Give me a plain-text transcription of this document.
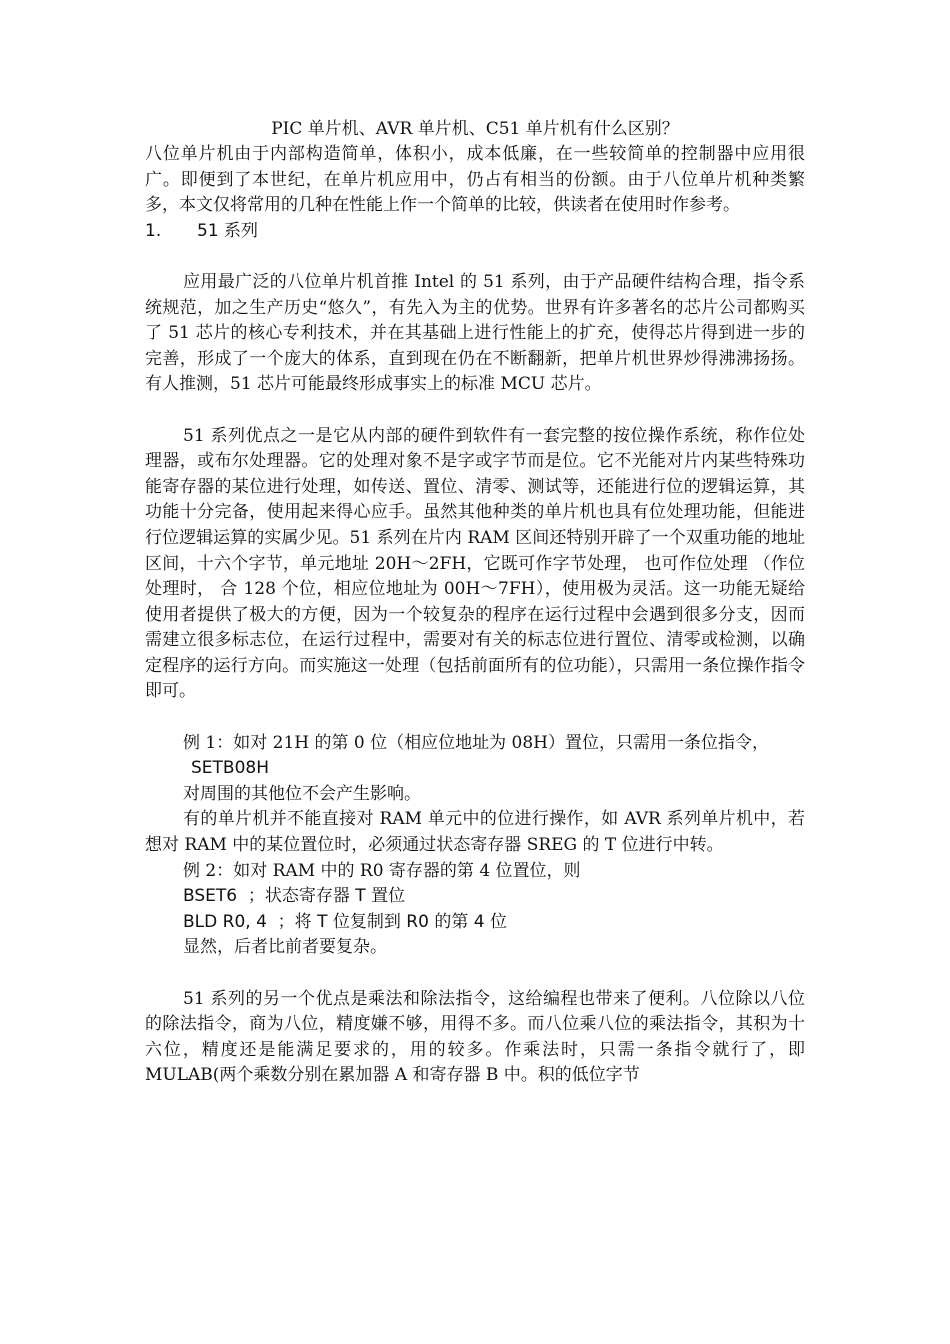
PIC 单片机、AVR 单片机、C51 单片机有什么区别？

八位单片机由于内部构造简单，体积小，成本低廉，在一些较简单的控制器中应用很广。即便到了本世纪，在单片机应用中，仍占有相当的份额。由于八位单片机种类繁多，本文仅将常用的几种在性能上作一个简单的比较，供读者在使用时作参考。

1. 51 系列

应用最广泛的八位单片机首推 Intel 的 51 系列，由于产品硬件结构合理，指令系统规范，加之生产历史“悠久”，有先入为主的优势。世界有许多著名的芯片公司都购买了 51 芯片的核心专利技术，并在其基础上进行性能上的扩充，使得芯片得到进一步的完善，形成了一个庞大的体系，直到现在仍在不断翻新，把单片机世界炒得沸沸扬扬。有人推测，51 芯片可能最终形成事实上的标准 MCU 芯片。

51 系列优点之一是它从内部的硬件到软件有一套完整的按位操作系统，称作位处理器，或布尔处理器。它的处理对象不是字或字节而是位。它不光能对片内某些特殊功能寄存器的某位进行处理，如传送、置位、清零、测试等，还能进行位的逻辑运算，其功能十分完备，使用起来得心应手。虽然其他种类的单片机也具有位处理功能，但能进行位逻辑运算的实属少见。51 系列在片内 RAM 区间还特别开辟了一个双重功能的地址区间，十六个字节，单元地址 20H～2FH，它既可作字节处理， 也可作位处理 （作位处理时， 合 128 个位，相应位地址为 00H～7FH），使用极为灵活。这一功能无疑给使用者提供了极大的方便，因为一个较复杂的程序在运行过程中会遇到很多分支，因而需建立很多标志位，在运行过程中，需要对有关的标志位进行置位、清零或检测，以确定程序的运行方向。而实施这一处理（包括前面所有的位功能），只需用一条位操作指令即可。

例 1：如对 21H 的第 0 位（相应位地址为 08H）置位，只需用一条位指令，

SETB08H

对周围的其他位不会产生影响。

有的单片机并不能直接对 RAM 单元中的位进行操作，如 AVR 系列单片机中，若想对 RAM 中的某位置位时，必须通过状态寄存器 SREG 的 T 位进行中转。

例 2：如对 RAM 中的 R0 寄存器的第 4 位置位，则

BSET6  ；状态寄存器 T 置位

BLD R0, 4  ；将 T 位复制到 R0 的第 4 位

显然，后者比前者要复杂。

51 系列的另一个优点是乘法和除法指令，这给编程也带来了便利。八位除以八位的除法指令，商为八位，精度嫌不够，用得不多。而八位乘八位的乘法指令，其积为十六位，精度还是能满足要求的，用的较多。作乘法时，只需一条指令就行了，即 MULAB(两个乘数分别在累加器 A 和寄存器 B 中。积的低位字节
